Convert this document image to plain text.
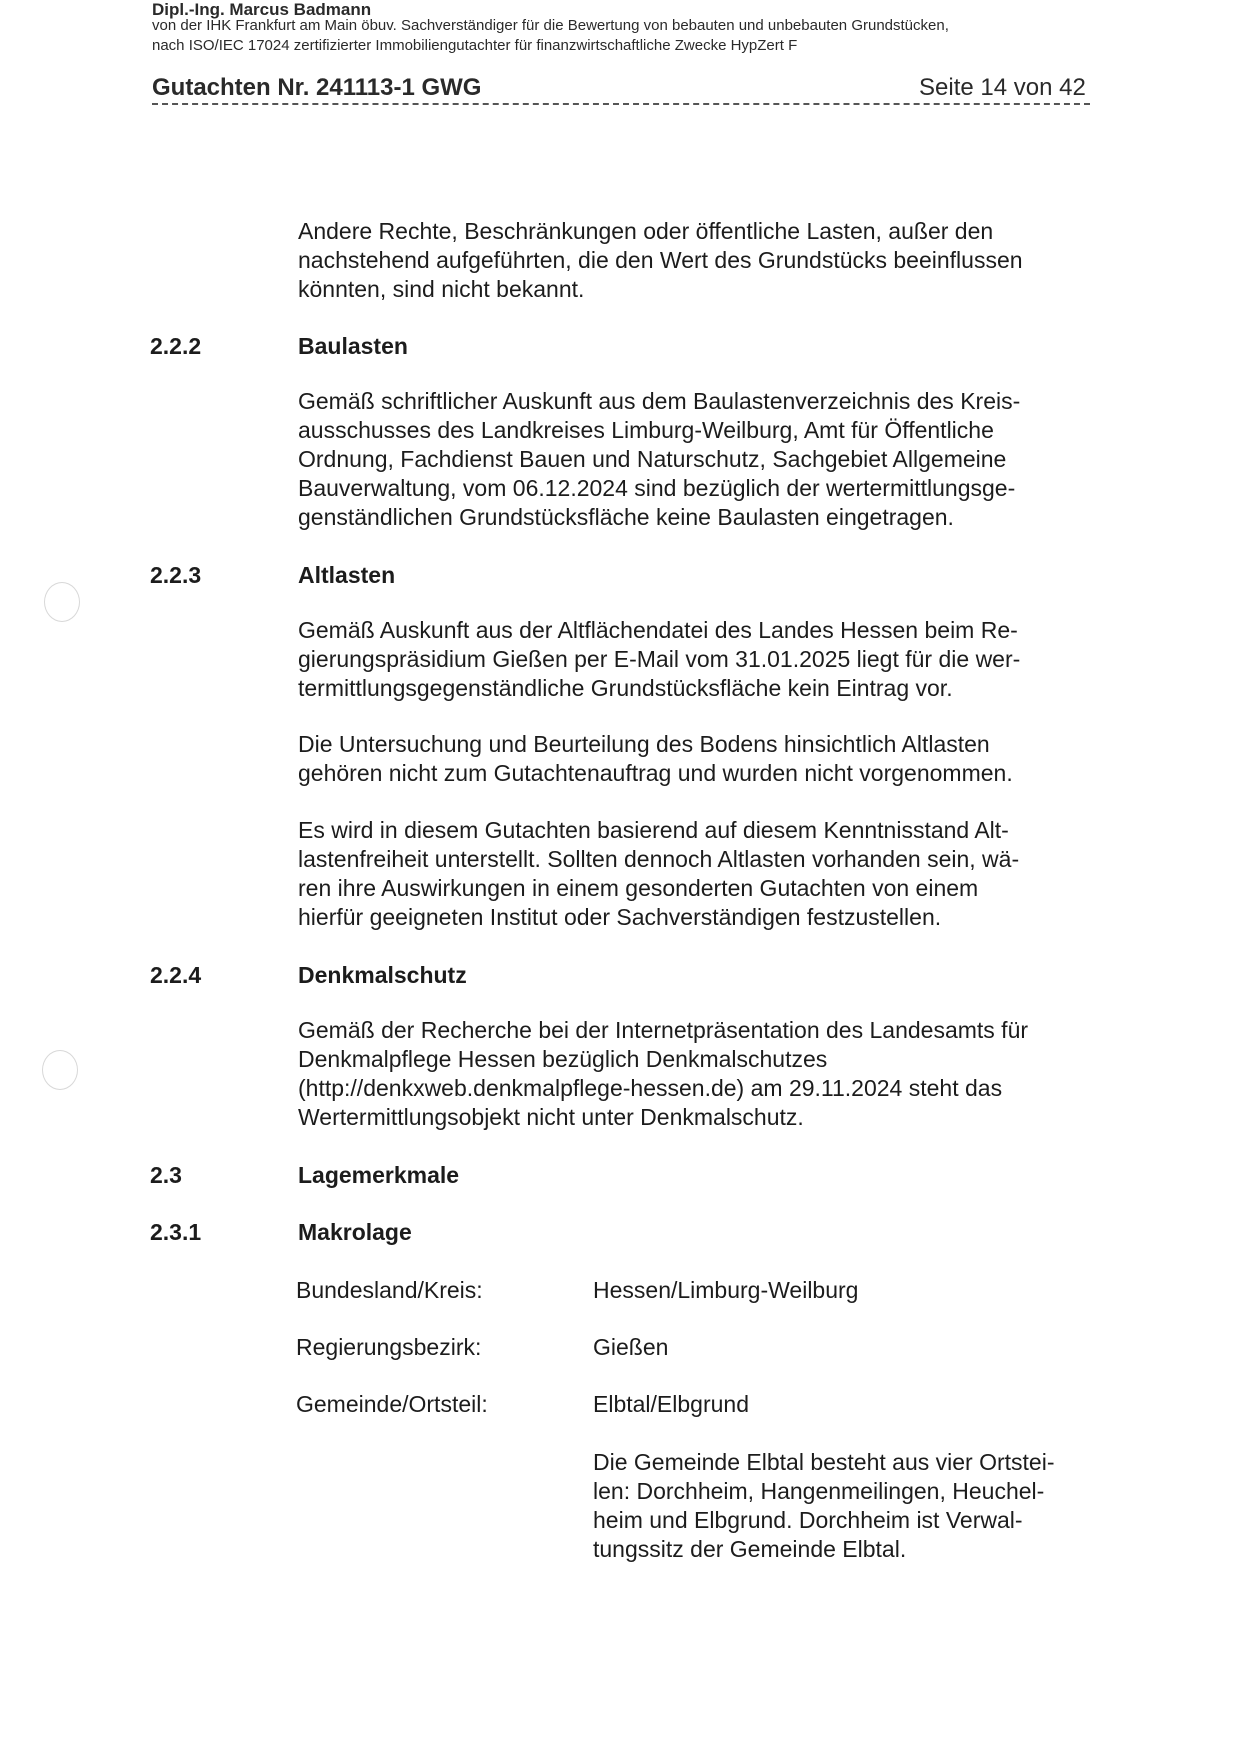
Dipl.-Ing. Marcus Badmann
von der IHK Frankfurt am Main öbuv. Sachverständiger für die Bewertung von bebauten und unbebauten Grundstücken,
nach ISO/IEC 17024 zertifizierter Immobiliengutachter für finanzwirtschaftliche Zwecke HypZert F
Gutachten Nr. 241113-1 GWG	Seite 14 von 42
Andere Rechte, Beschränkungen oder öffentliche Lasten, außer den
nachstehend aufgeführten, die den Wert des Grundstücks beeinflussen
könnten, sind nicht bekannt.
2.2.2	Baulasten
Gemäß schriftlicher Auskunft aus dem Baulastenverzeichnis des Kreis-
ausschusses des Landkreises Limburg-Weilburg, Amt für Öffentliche
Ordnung, Fachdienst Bauen und Naturschutz, Sachgebiet Allgemeine
Bauverwaltung, vom 06.12.2024 sind bezüglich der wertermittlungsge-
genständlichen Grundstücksfläche keine Baulasten eingetragen.
2.2.3	Altlasten
Gemäß Auskunft aus der Altflächendatei des Landes Hessen beim Re-
gierungspräsidium Gießen per E-Mail vom 31.01.2025 liegt für die wer-
termittlungsgegenständliche Grundstücksfläche kein Eintrag vor.
Die Untersuchung und Beurteilung des Bodens hinsichtlich Altlasten
gehören nicht zum Gutachtenauftrag und wurden nicht vorgenommen.
Es wird in diesem Gutachten basierend auf diesem Kenntnisstand Alt-
lastenfreiheit unterstellt. Sollten dennoch Altlasten vorhanden sein, wä-
ren ihre Auswirkungen in einem gesonderten Gutachten von einem
hierfür geeigneten Institut oder Sachverständigen festzustellen.
2.2.4	Denkmalschutz
Gemäß der Recherche bei der Internetpräsentation des Landesamts für
Denkmalpflege Hessen bezüglich Denkmalschutzes
(http://denkxweb.denkmalpflege-hessen.de) am 29.11.2024 steht das
Wertermittlungsobjekt nicht unter Denkmalschutz.
2.3	Lagemerkmale
2.3.1	Makrolage
Bundesland/Kreis:	Hessen/Limburg-Weilburg
Regierungsbezirk:	Gießen
Gemeinde/Ortsteil:	Elbtal/Elbgrund
Die Gemeinde Elbtal besteht aus vier Ortstei-
len: Dorchheim, Hangenmeilingen, Heuchel-
heim und Elbgrund. Dorchheim ist Verwal-
tungssitz der Gemeinde Elbtal.
